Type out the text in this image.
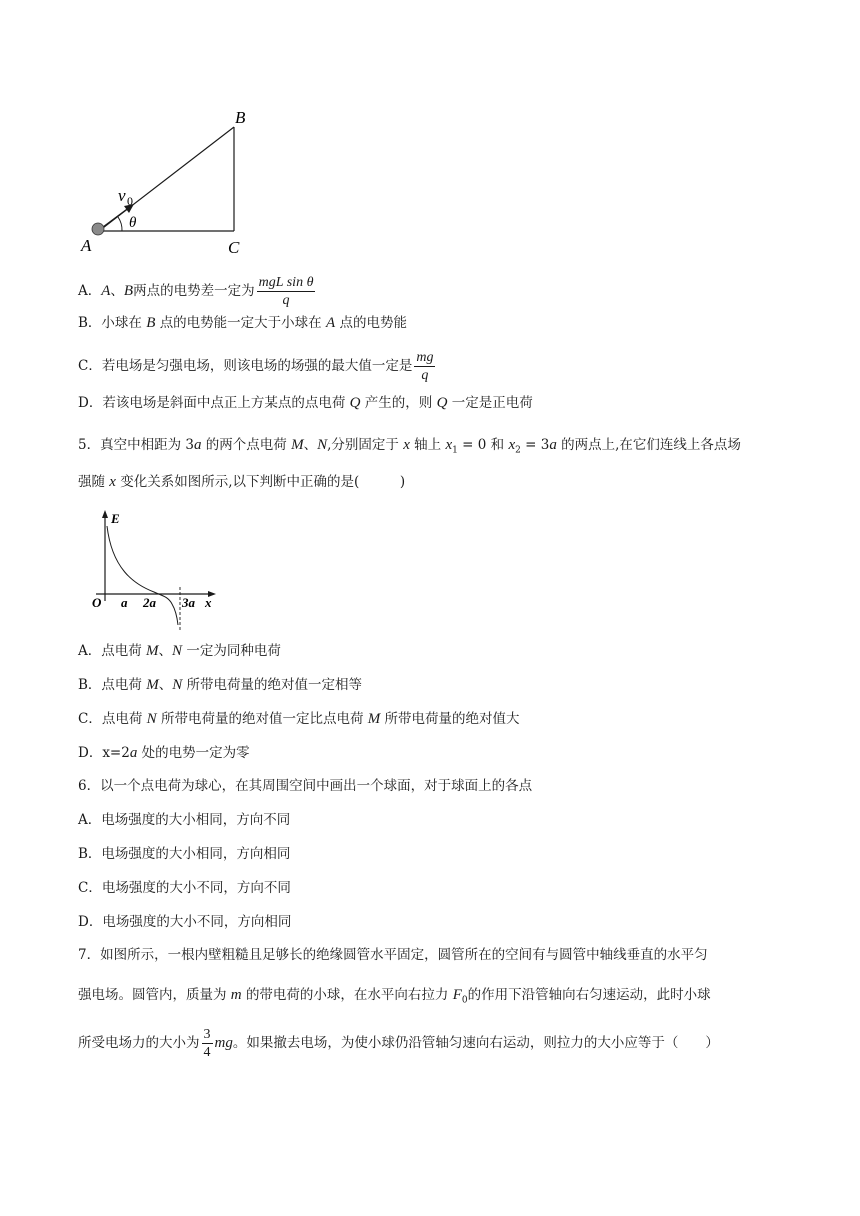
A
B
C
v 0
θ
A．A、B两点的电势差一定为 $\frac{\text{mgL sin θ}}{q}$
B．小球在 B 点的电势能一定大于小球在 A 点的电势能
C．若电场是匀强电场，则该电场的场强的最大值一定是 $\frac{mg}{q}$
D．若该电场是斜面中点正上方某点的点电荷 Q 产生的，则 Q 一定是正电荷
5．真空中相距为 3a 的两个点电荷 M、N,分别固定于 x 轴上 $x_1 = 0$ 和 $x_2 = 3a$ 的两点上,在它们连线上各点场
强随 x 变化关系如图所示,以下判断中正确的是(　　　)
E
O a 2a 3a x
A．点电荷 M、N 一定为同种电荷
B．点电荷 M、N 所带电荷量的绝对值一定相等
C．点电荷 N 所带电荷量的绝对值一定比点电荷 M 所带电荷量的绝对值大
D．x=2a 处的电势一定为零
6．以一个点电荷为球心，在其周围空间中画出一个球面，对于球面上的各点
A．电场强度的大小相同，方向不同
B．电场强度的大小相同，方向相同
C．电场强度的大小不同，方向不同
D．电场强度的大小不同，方向相同
7．如图所示，一根内壁粗糙且足够长的绝缘圆管水平固定，圆管所在的空间有与圆管中轴线垂直的水平匀
强电场。圆管内，质量为 m 的带电荷的小球，在水平向右拉力 $F_0$的作用下沿管轴向右匀速运动，此时小球
所受电场力的大小为 $\frac{3}{4}$ mg。如果撤去电场，为使小球仍沿管轴匀速向右运动，则拉力的大小应等于（　　）
